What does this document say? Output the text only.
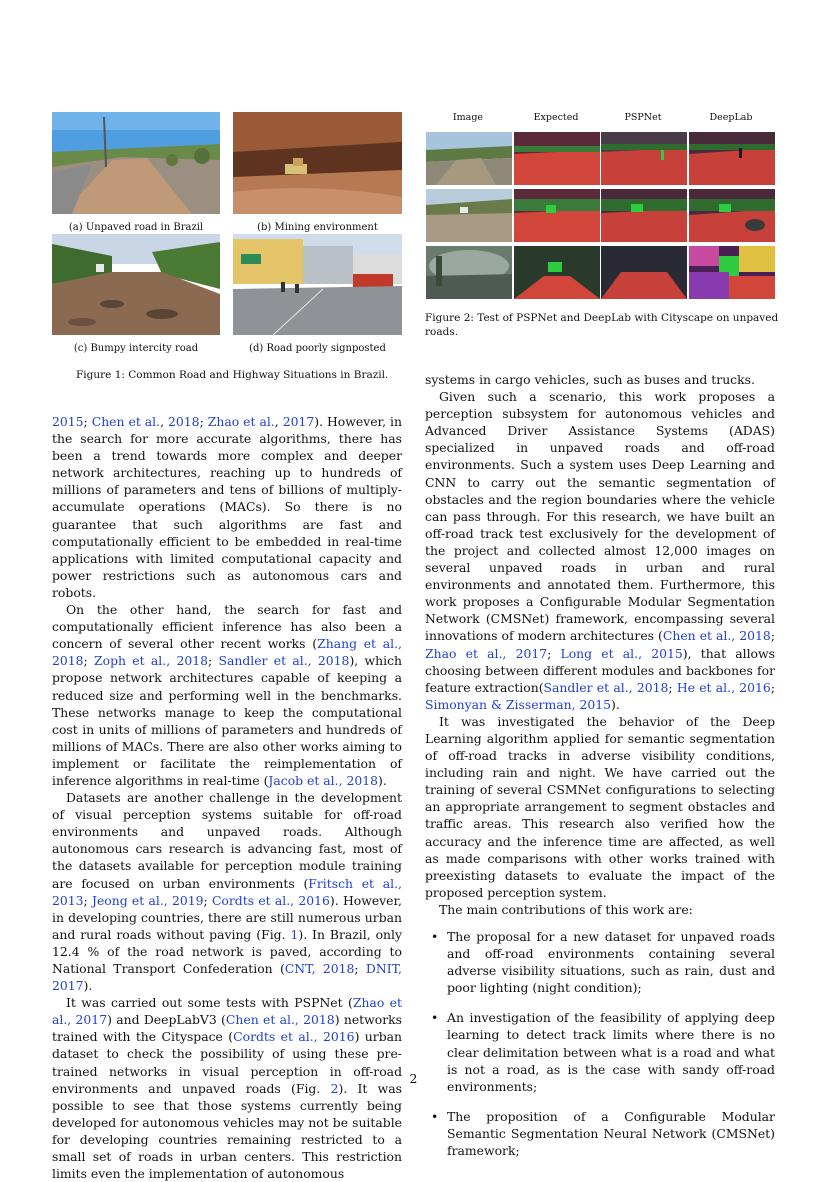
(a) Unpaved road in Brazil	(b) Mining environment
(c) Bumpy intercity road	(d) Road poorly signposted
Figure 1: Common Road and Highway Situations in Brazil.
Image	Expected	PSPNet	DeepLab
Figure 2: Test of PSPNet and DeepLab with Cityscape on unpaved
roads.

2015; Chen et al., 2018; Zhao et al., 2017). However, in the search for more accurate algorithms, there has been a trend towards more complex and deeper network architectures, reaching up to hundreds of millions of parameters and tens of billions of multiply-accumulate operations (MACs). So there is no guarantee that such algorithms are fast and computationally efficient to be embedded in real-time applications with limited computational capacity and power restrictions such as autonomous cars and robots.

On the other hand, the search for fast and computationally efficient inference has also been a concern of several other recent works (Zhang et al., 2018; Zoph et al., 2018; Sandler et al., 2018), which propose network architectures capable of keeping a reduced size and performing well in the benchmarks. These networks manage to keep the computational cost in units of millions of parameters and hundreds of millions of MACs. There are also other works aiming to implement or facilitate the reimplementation of inference algorithms in real-time (Jacob et al., 2018).

Datasets are another challenge in the development of visual perception systems suitable for off-road environments and unpaved roads. Although autonomous cars research is advancing fast, most of the datasets available for perception module training are focused on urban environments (Fritsch et al., 2013; Jeong et al., 2019; Cordts et al., 2016). However, in developing countries, there are still numerous urban and rural roads without paving (Fig. 1). In Brazil, only 12.4 % of the road network is paved, according to National Transport Confederation (CNT, 2018; DNIT, 2017).

It was carried out some tests with PSPNet (Zhao et al., 2017) and DeepLabV3 (Chen et al., 2018) networks trained with the Cityspace (Cordts et al., 2016) urban dataset to check the possibility of using these pre-trained networks in visual perception in off-road environments and unpaved roads (Fig. 2). It was possible to see that those systems currently being developed for autonomous vehicles may not be suitable for developing countries remaining restricted to a small set of roads in urban centers. This restriction limits even the implementation of autonomous

systems in cargo vehicles, such as buses and trucks.

Given such a scenario, this work proposes a perception subsystem for autonomous vehicles and Advanced Driver Assistance Systems (ADAS) specialized in unpaved roads and off-road environments. Such a system uses Deep Learning and CNN to carry out the semantic segmentation of obstacles and the region boundaries where the vehicle can pass through. For this research, we have built an off-road track test exclusively for the development of the project and collected almost 12,000 images on several unpaved roads in urban and rural environments and annotated them. Furthermore, this work proposes a Configurable Modular Segmentation Network (CMSNet) framework, encompassing several innovations of modern architectures (Chen et al., 2018; Zhao et al., 2017; Long et al., 2015), that allows choosing between different modules and backbones for feature extraction(Sandler et al., 2018; He et al., 2016; Simonyan & Zisserman, 2015).

It was investigated the behavior of the Deep Learning algorithm applied for semantic segmentation of off-road tracks in adverse visibility conditions, including rain and night. We have carried out the training of several CSMNet configurations to selecting an appropriate arrangement to segment obstacles and traffic areas. This research also verified how the accuracy and the inference time are affected, as well as made comparisons with other works trained with preexisting datasets to evaluate the impact of the proposed perception system.

The main contributions of this work are:

• The proposal for a new dataset for unpaved roads and off-road environments containing several adverse visibility situations, such as rain, dust and poor lighting (night condition);
• An investigation of the feasibility of applying deep learning to detect track limits where there is no clear delimitation between what is a road and what is not a road, as is the case with sandy off-road environments;
• The proposition of a Configurable Modular Semantic Segmentation Neural Network (CMSNet) framework;
2
